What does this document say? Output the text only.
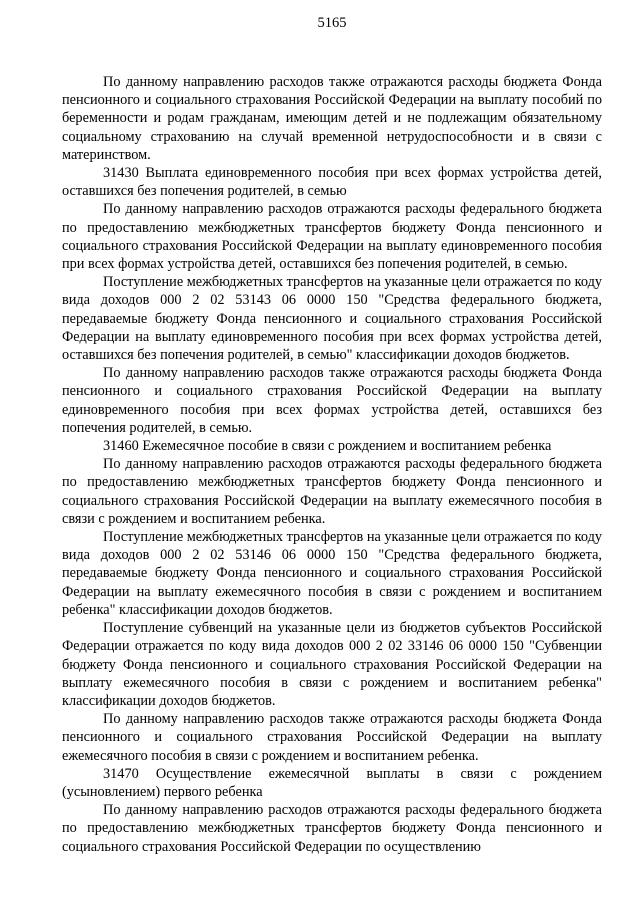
5165

По данному направлению расходов также отражаются расходы бюджета Фонда пенсионного и социального страхования Российской Федерации на выплату пособий по беременности и родам гражданам, имеющим детей и не подлежащим обязательному социальному страхованию на случай временной нетрудоспособности и в связи с материнством.

31430 Выплата единовременного пособия при всех формах устройства детей, оставшихся без попечения родителей, в семью

По данному направлению расходов отражаются расходы федерального бюджета по предоставлению межбюджетных трансфертов бюджету Фонда пенсионного и социального страхования Российской Федерации на выплату единовременного пособия при всех формах устройства детей, оставшихся без попечения родителей, в семью.

Поступление межбюджетных трансфертов на указанные цели отражается по коду вида доходов 000 2 02 53143 06 0000 150 "Средства федерального бюджета, передаваемые бюджету Фонда пенсионного и социального страхования Российской Федерации на выплату единовременного пособия при всех формах устройства детей, оставшихся без попечения родителей, в семью" классификации доходов бюджетов.

По данному направлению расходов также отражаются расходы бюджета Фонда пенсионного и социального страхования Российской Федерации на выплату единовременного пособия при всех формах устройства детей, оставшихся без попечения родителей, в семью.

31460 Ежемесячное пособие в связи с рождением и воспитанием ребенка

По данному направлению расходов отражаются расходы федерального бюджета по предоставлению межбюджетных трансфертов бюджету Фонда пенсионного и социального страхования Российской Федерации на выплату ежемесячного пособия в связи с рождением и воспитанием ребенка.

Поступление межбюджетных трансфертов на указанные цели отражается по коду вида доходов 000 2 02 53146 06 0000 150 "Средства федерального бюджета, передаваемые бюджету Фонда пенсионного и социального страхования Российской Федерации на выплату ежемесячного пособия в связи с рождением и воспитанием ребенка" классификации доходов бюджетов.

Поступление субвенций на указанные цели из бюджетов субъектов Российской Федерации отражается по коду вида доходов 000 2 02 33146 06 0000 150 "Субвенции бюджету Фонда пенсионного и социального страхования Российской Федерации на выплату ежемесячного пособия в связи с рождением и воспитанием ребенка" классификации доходов бюджетов.

По данному направлению расходов также отражаются расходы бюджета Фонда пенсионного и социального страхования Российской Федерации на выплату ежемесячного пособия в связи с рождением и воспитанием ребенка.

31470 Осуществление ежемесячной выплаты в связи с рождением (усыновлением) первого ребенка

По данному направлению расходов отражаются расходы федерального бюджета по предоставлению межбюджетных трансфертов бюджету Фонда пенсионного и социального страхования Российской Федерации по осуществлению
